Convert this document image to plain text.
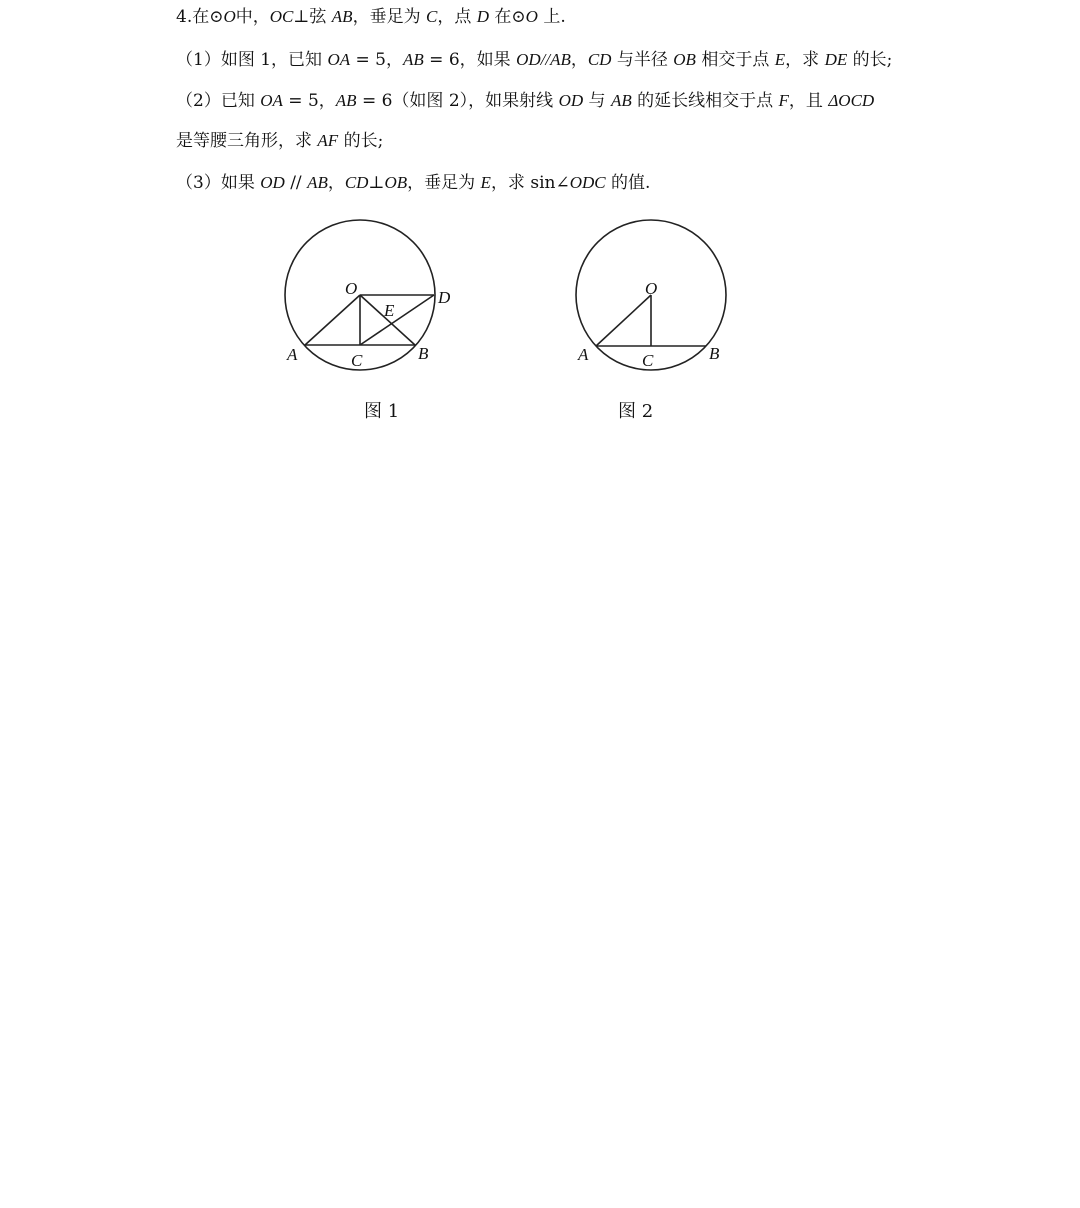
4.在⊙O中，OC⊥弦 AB，垂足为 C，点 D 在⊙O 上.
（1）如图 1，已知 OA = 5，AB = 6，如果 OD//AB，CD 与半径 OB 相交于点 E，求 DE 的长;
（2）已知 OA = 5，AB = 6（如图 2），如果射线 OD 与 AB 的延长线相交于点 F，且 ΔOCD
是等腰三角形，求 AF 的长;
（3）如果 OD // AB，CD⊥OB，垂足为 E，求 sin∠ODC 的值.
O	D
E
A	C	B
O
A	C	B
图 1	图 2
